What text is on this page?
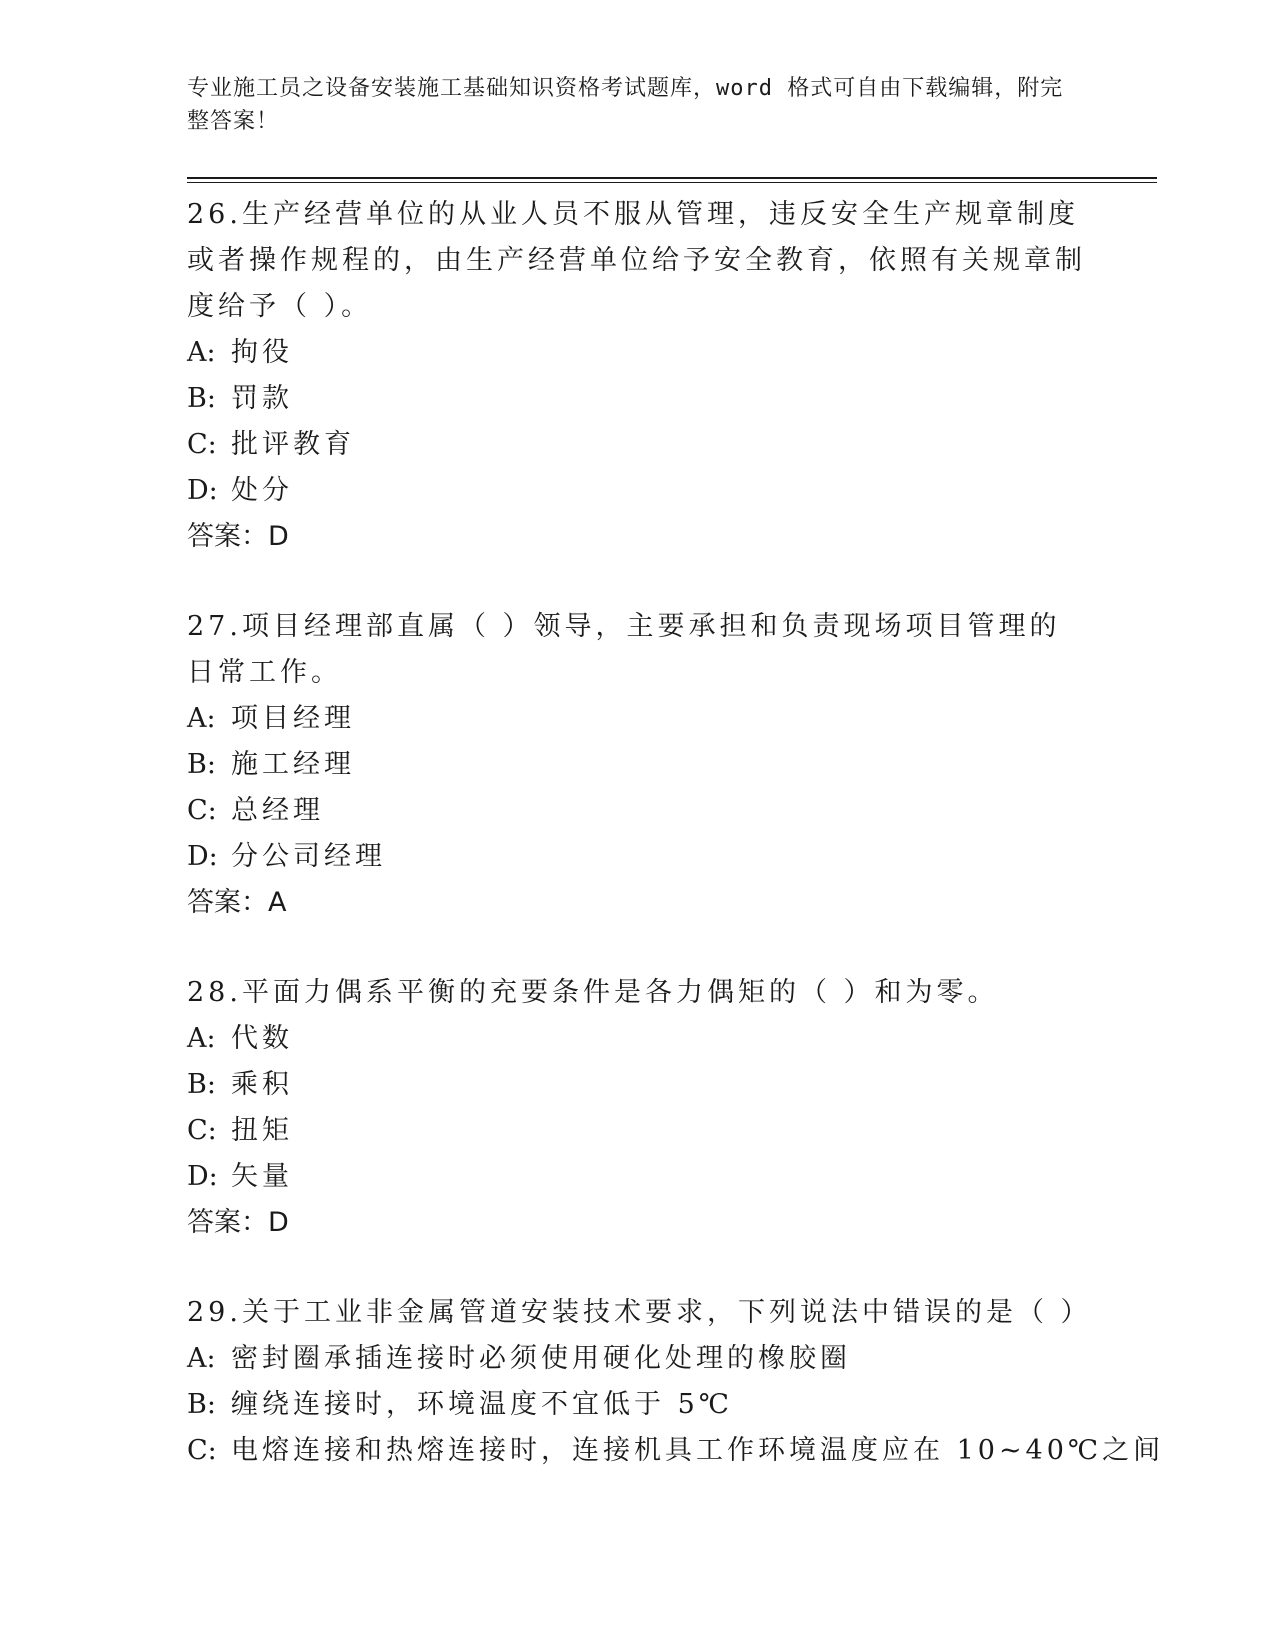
专业施工员之设备安装施工基础知识资格考试题库，word 格式可自由下载编辑，附完整答案！

26.生产经营单位的从业人员不服从管理，违反安全生产规章制度或者操作规程的，由生产经营单位给予安全教育，依照有关规章制度给予（ ）。

A: 拘役

B: 罚款

C: 批评教育

D: 处分

答案：D

27.项目经理部直属（ ）领导，主要承担和负责现场项目管理的日常工作。

A: 项目经理

B: 施工经理

C: 总经理

D: 分公司经理

答案：A

28.平面力偶系平衡的充要条件是各力偶矩的（ ）和为零。

A: 代数

B: 乘积

C: 扭矩

D: 矢量

答案：D

29.关于工业非金属管道安装技术要求，下列说法中错误的是（ ）

A: 密封圈承插连接时必须使用硬化处理的橡胶圈

B: 缠绕连接时，环境温度不宜低于 5℃

C: 电熔连接和热熔连接时，连接机具工作环境温度应在 10~40℃之间
